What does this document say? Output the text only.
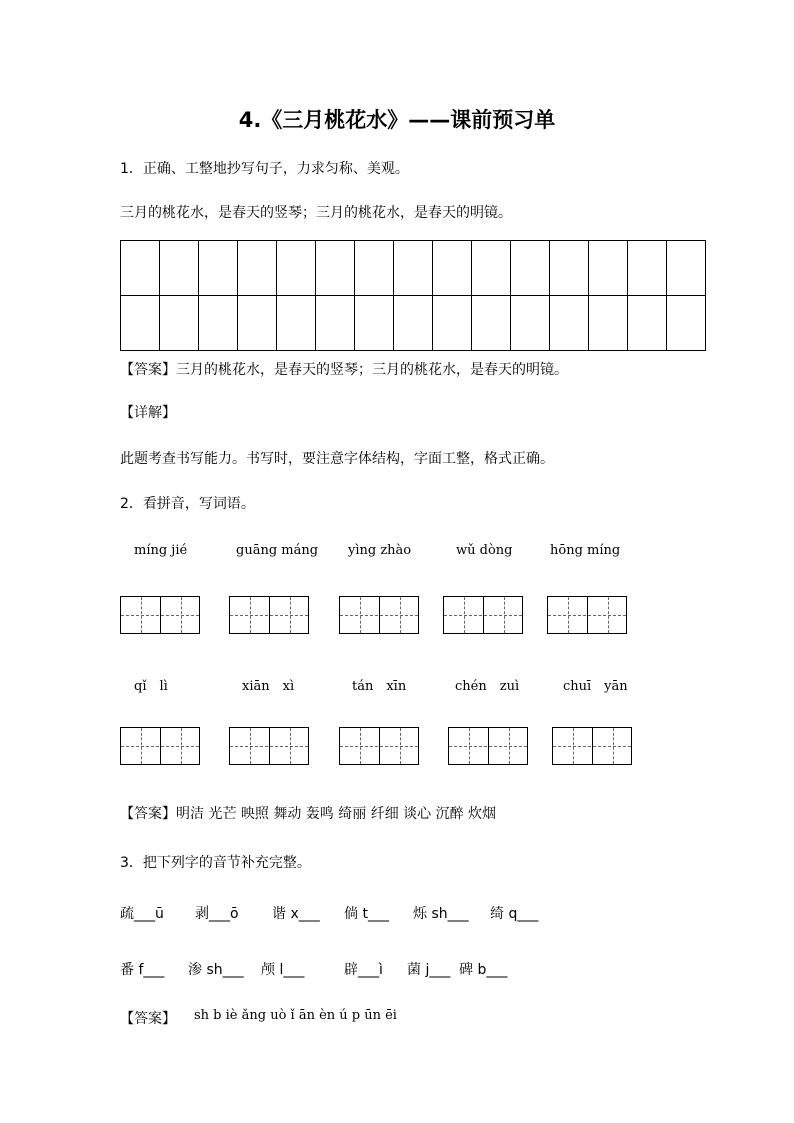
4.《三月桃花水》——课前预习单
1．正确、工整地抄写句子，力求匀称、美观。
三月的桃花水，是春天的竖琴；三月的桃花水，是春天的明镜。

【答案】三月的桃花水，是春天的竖琴；三月的桃花水，是春天的明镜。
【详解】
此题考查书写能力。书写时，要注意字体结构，字面工整，格式正确。
2．看拼音，写词语。
míng jié	guāng máng yìng zhào	wǔ dòng	hōng míng
qǐ　lì	xiān　xì	tán　xīn	chén　zuì	chuī　yān
【答案】明洁 光芒 映照 舞动 轰鸣 绮丽 纤细 谈心 沉醉 炊烟
3．把下列字的音节补充完整。
疏___ū 剥___ō 谐 x___ 倘 t___ 烁 sh___ 绮 q___
番 f___ 渗 sh___ 颅 l___	辟___ì 菌 j___ 碑 b___
【答案】 sh b iè ǎng uò ǐ ān èn ú p ūn ēi
